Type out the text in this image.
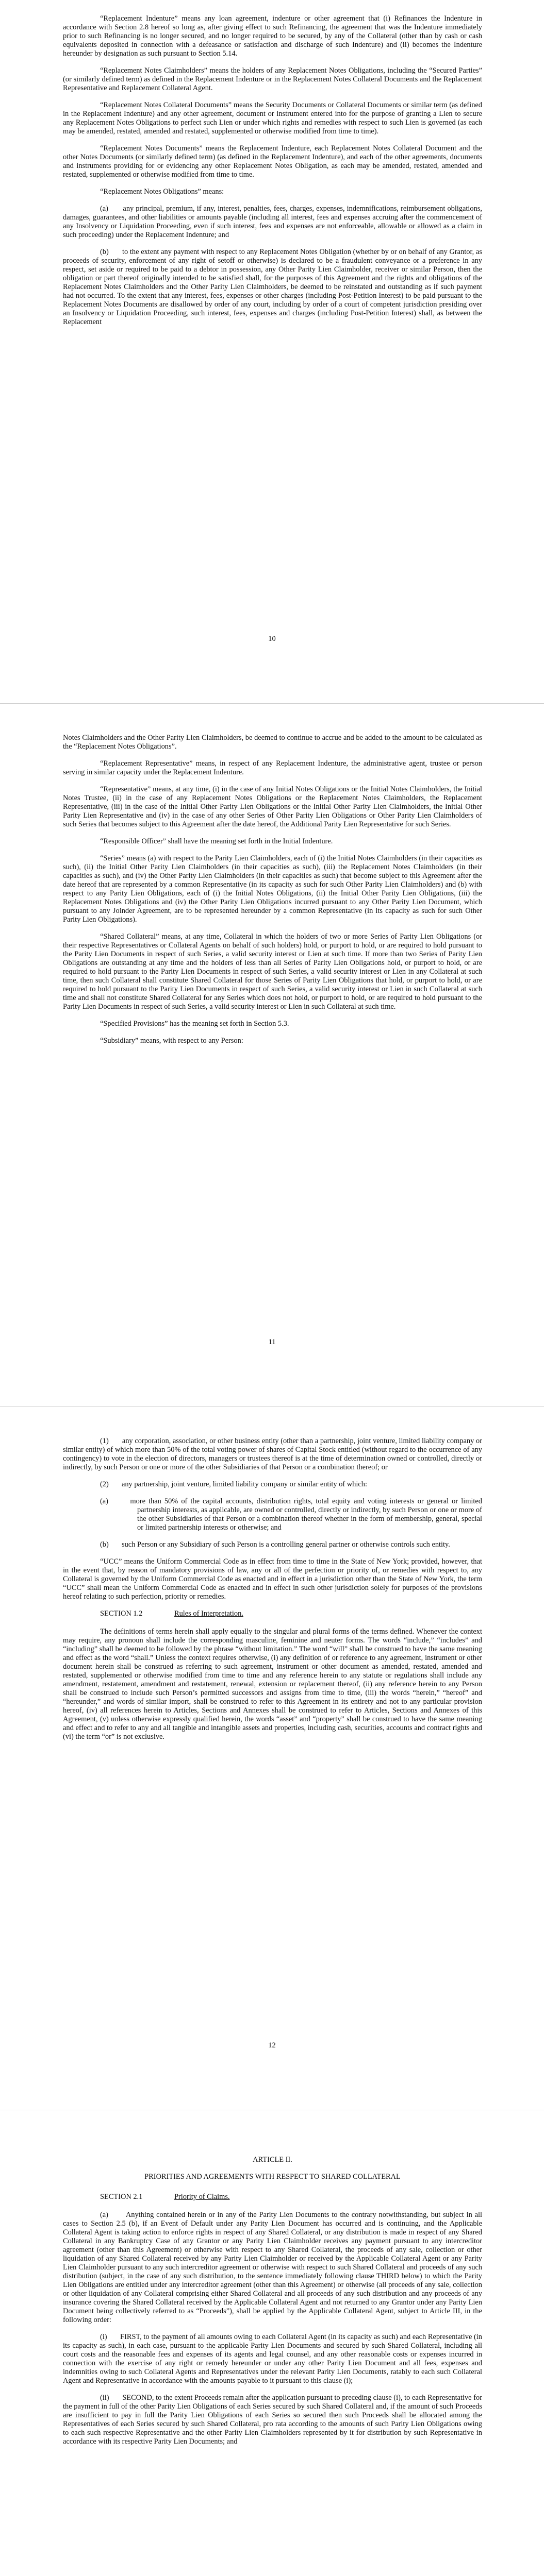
“Replacement Indenture” means any loan agreement, indenture or other agreement that (i) Refinances the Indenture in accordance with Section 2.8 hereof so long as, after giving effect to such Refinancing, the agreement that was the Indenture immediately prior to such Refinancing is no longer secured, and no longer required to be secured, by any of the Collateral (other than by cash or cash equivalents deposited in connection with a defeasance or satisfaction and discharge of such Indenture) and (ii) becomes the Indenture hereunder by designation as such pursuant to Section 5.14.

“Replacement Notes Claimholders” means the holders of any Replacement Notes Obligations, including the “Secured Parties” (or similarly defined term) as defined in the Replacement Indenture or in the Replacement Notes Collateral Documents and the Replacement Representative and Replacement Collateral Agent.

“Replacement Notes Collateral Documents” means the Security Documents or Collateral Documents or similar term (as defined in the Replacement Indenture) and any other agreement, document or instrument entered into for the purpose of granting a Lien to secure any Replacement Notes Obligations to perfect such Lien or under which rights and remedies with respect to such Lien is governed (as each may be amended, restated, amended and restated, supplemented or otherwise modified from time to time).

“Replacement Notes Documents” means the Replacement Indenture, each Replacement Notes Collateral Document and the other Notes Documents (or similarly defined term) (as defined in the Replacement Indenture), and each of the other agreements, documents and instruments providing for or evidencing any other Replacement Notes Obligation, as each may be amended, restated, amended and restated, supplemented or otherwise modified from time to time.

“Replacement Notes Obligations” means:

(a)       any principal, premium, if any, interest, penalties, fees, charges, expenses, indemnifications, reimbursement obligations, damages, guarantees, and other liabilities or amounts payable (including all interest, fees and expenses accruing after the commencement of any Insolvency or Liquidation Proceeding, even if such interest, fees and expenses are not enforceable, allowable or allowed as a claim in such proceeding) under the Replacement Indenture; and

(b)       to the extent any payment with respect to any Replacement Notes Obligation (whether by or on behalf of any Grantor, as proceeds of security, enforcement of any right of setoff or otherwise) is declared to be a fraudulent conveyance or a preference in any respect, set aside or required to be paid to a debtor in possession, any Other Parity Lien Claimholder, receiver or similar Person, then the obligation or part thereof originally intended to be satisfied shall, for the purposes of this Agreement and the rights and obligations of the Replacement Notes Claimholders and the Other Parity Lien Claimholders, be deemed to be reinstated and outstanding as if such payment had not occurred. To the extent that any interest, fees, expenses or other charges (including Post-Petition Interest) to be paid pursuant to the Replacement Notes Documents are disallowed by order of any court, including by order of a court of competent jurisdiction presiding over an Insolvency or Liquidation Proceeding, such interest, fees, expenses and charges (including Post-Petition Interest) shall, as between the Replacement

10

Notes Claimholders and the Other Parity Lien Claimholders, be deemed to continue to accrue and be added to the amount to be calculated as the “Replacement Notes Obligations”.

“Replacement Representative” means, in respect of any Replacement Indenture, the administrative agent, trustee or person serving in similar capacity under the Replacement Indenture.

“Representative” means, at any time, (i) in the case of any Initial Notes Obligations or the Initial Notes Claimholders, the Initial Notes Trustee, (ii) in the case of any Replacement Notes Obligations or the Replacement Notes Claimholders, the Replacement Representative, (iii) in the case of the Initial Other Parity Lien Obligations or the Initial Other Parity Lien Claimholders, the Initial Other Parity Lien Representative and (iv) in the case of any other Series of Other Parity Lien Obligations or Other Parity Lien Claimholders of such Series that becomes subject to this Agreement after the date hereof, the Additional Parity Lien Representative for such Series.

“Responsible Officer” shall have the meaning set forth in the Initial Indenture.

“Series” means (a) with respect to the Parity Lien Claimholders, each of (i) the Initial Notes Claimholders (in their capacities as such), (ii) the Initial Other Parity Lien Claimholders (in their capacities as such), (iii) the Replacement Notes Claimholders (in their capacities as such), and (iv) the Other Parity Lien Claimholders (in their capacities as such) that become subject to this Agreement after the date hereof that are represented by a common Representative (in its capacity as such for such Other Parity Lien Claimholders) and (b) with respect to any Parity Lien Obligations, each of (i) the Initial Notes Obligations, (ii) the Initial Other Parity Lien Obligations, (iii) the Replacement Notes Obligations and (iv) the Other Parity Lien Obligations incurred pursuant to any Other Parity Lien Document, which pursuant to any Joinder Agreement, are to be represented hereunder by a common Representative (in its capacity as such for such Other Parity Lien Obligations).

“Shared Collateral” means, at any time, Collateral in which the holders of two or more Series of Parity Lien Obligations (or their respective Representatives or Collateral Agents on behalf of such holders) hold, or purport to hold, or are required to hold pursuant to the Parity Lien Documents in respect of such Series, a valid security interest or Lien at such time. If more than two Series of Parity Lien Obligations are outstanding at any time and the holders of less than all Series of Parity Lien Obligations hold, or purport to hold, or are required to hold pursuant to the Parity Lien Documents in respect of such Series, a valid security interest or Lien in any Collateral at such time, then such Collateral shall constitute Shared Collateral for those Series of Parity Lien Obligations that hold, or purport to hold, or are required to hold pursuant to the Parity Lien Documents in respect of such Series, a valid security interest or Lien in such Collateral at such time and shall not constitute Shared Collateral for any Series which does not hold, or purport to hold, or are required to hold pursuant to the Parity Lien Documents in respect of such Series, a valid security interest or Lien in such Collateral at such time.

“Specified Provisions” has the meaning set forth in Section 5.3.

“Subsidiary” means, with respect to any Person:

11

(1)       any corporation, association, or other business entity (other than a partnership, joint venture, limited liability company or similar entity) of which more than 50% of the total voting power of shares of Capital Stock entitled (without regard to the occurrence of any contingency) to vote in the election of directors, managers or trustees thereof is at the time of determination owned or controlled, directly or indirectly, by such Person or one or more of the other Subsidiaries of that Person or a combination thereof; or

(2)       any partnership, joint venture, limited liability company or similar entity of which:

(a)       more than 50% of the capital accounts, distribution rights, total equity and voting interests or general or limited partnership interests, as applicable, are owned or controlled, directly or indirectly, by such Person or one or more of the other Subsidiaries of that Person or a combination thereof whether in the form of membership, general, special or limited partnership interests or otherwise; and

(b)       such Person or any Subsidiary of such Person is a controlling general partner or otherwise controls such entity.

“UCC” means the Uniform Commercial Code as in effect from time to time in the State of New York; provided, however, that in the event that, by reason of mandatory provisions of law, any or all of the perfection or priority of, or remedies with respect to, any Collateral is governed by the Uniform Commercial Code as enacted and in effect in a jurisdiction other than the State of New York, the term “UCC” shall mean the Uniform Commercial Code as enacted and in effect in such other jurisdiction solely for purposes of the provisions hereof relating to such perfection, priority or remedies.

SECTION 1.2	Rules of Interpretation.

The definitions of terms herein shall apply equally to the singular and plural forms of the terms defined. Whenever the context may require, any pronoun shall include the corresponding masculine, feminine and neuter forms. The words “include,” “includes” and “including” shall be deemed to be followed by the phrase “without limitation.” The word “will” shall be construed to have the same meaning and effect as the word “shall.” Unless the context requires otherwise, (i) any definition of or reference to any agreement, instrument or other document herein shall be construed as referring to such agreement, instrument or other document as amended, restated, amended and restated, supplemented or otherwise modified from time to time and any reference herein to any statute or regulations shall include any amendment, restatement, amendment and restatement, renewal, extension or replacement thereof, (ii) any reference herein to any Person shall be construed to include such Person’s permitted successors and assigns from time to time, (iii) the words “herein,” “hereof” and “hereunder,” and words of similar import, shall be construed to refer to this Agreement in its entirety and not to any particular provision hereof, (iv) all references herein to Articles, Sections and Annexes shall be construed to refer to Articles, Sections and Annexes of this Agreement, (v) unless otherwise expressly qualified herein, the words “asset” and “property” shall be construed to have the same meaning and effect and to refer to any and all tangible and intangible assets and properties, including cash, securities, accounts and contract rights and (vi) the term “or” is not exclusive.

12
ARTICLE II.
PRIORITIES AND AGREEMENTS WITH RESPECT TO SHARED COLLATERAL
SECTION 2.1	Priority of Claims.

(a)       Anything contained herein or in any of the Parity Lien Documents to the contrary notwithstanding, but subject in all cases to Section 2.5 (b), if an Event of Default under any Parity Lien Document has occurred and is continuing, and the Applicable Collateral Agent is taking action to enforce rights in respect of any Shared Collateral, or any distribution is made in respect of any Shared Collateral in any Bankruptcy Case of any Grantor or any Parity Lien Claimholder receives any payment pursuant to any intercreditor agreement (other than this Agreement) or otherwise with respect to any Shared Collateral, the proceeds of any sale, collection or other liquidation of any Shared Collateral received by any Parity Lien Claimholder or received by the Applicable Collateral Agent or any Parity Lien Claimholder pursuant to any such intercreditor agreement or otherwise with respect to such Shared Collateral and proceeds of any such distribution (subject, in the case of any such distribution, to the sentence immediately following clause THIRD below) to which the Parity Lien Obligations are entitled under any intercreditor agreement (other than this Agreement) or otherwise (all proceeds of any sale, collection or other liquidation of any Collateral comprising either Shared Collateral and all proceeds of any such distribution and any proceeds of any insurance covering the Shared Collateral received by the Applicable Collateral Agent and not returned to any Grantor under any Parity Lien Document being collectively referred to as “Proceeds”), shall be applied by the Applicable Collateral Agent, subject to Article III, in the following order:

(i)       FIRST, to the payment of all amounts owing to each Collateral Agent (in its capacity as such) and each Representative (in its capacity as such), in each case, pursuant to the applicable Parity Lien Documents and secured by such Shared Collateral, including all court costs and the reasonable fees and expenses of its agents and legal counsel, and any other reasonable costs or expenses incurred in connection with the exercise of any right or remedy hereunder or under any other Parity Lien Document and all fees, expenses and indemnities owing to such Collateral Agents and Representatives under the relevant Parity Lien Documents, ratably to each such Collateral Agent and Representative in accordance with the amounts payable to it pursuant to this clause (i);

(ii)       SECOND, to the extent Proceeds remain after the application pursuant to preceding clause (i), to each Representative for the payment in full of the other Parity Lien Obligations of each Series secured by such Shared Collateral and, if the amount of such Proceeds are insufficient to pay in full the Parity Lien Obligations of each Series so secured then such Proceeds shall be allocated among the Representatives of each Series secured by such Shared Collateral, pro rata according to the amounts of such Parity Lien Obligations owing to each such respective Representative and the other Parity Lien Claimholders represented by it for distribution by such Representative in accordance with its respective Parity Lien Documents; and
